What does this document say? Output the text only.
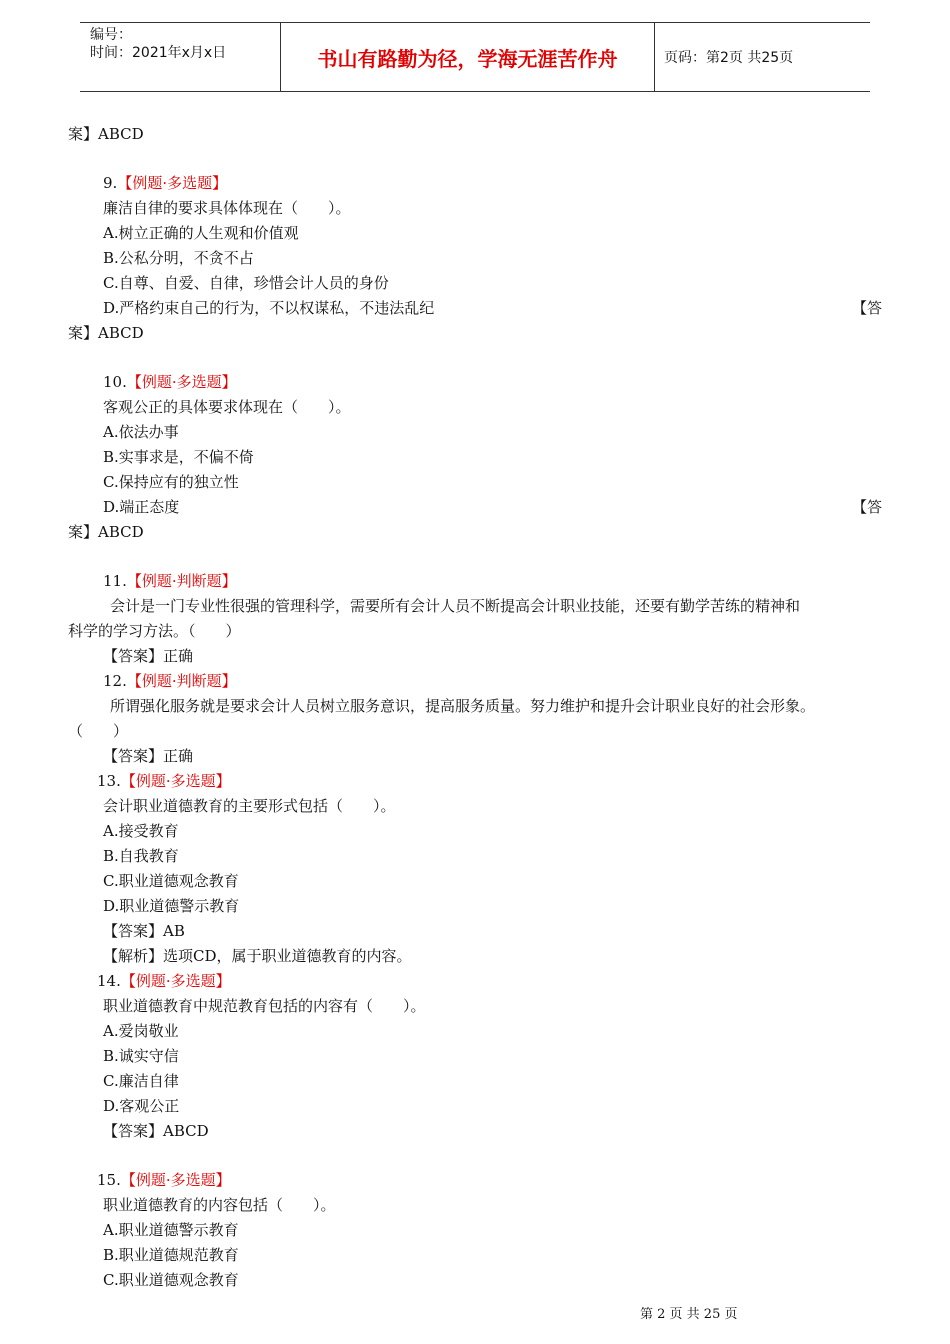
编号：
时间：2021年x月x日	书山有路勤为径，学海无涯苦作舟	页码：第2页 共25页
案】ABCD
9.【例题·多选题】
廉洁自律的要求具体体现在（　　）。
A.树立正确的人生观和价值观
B.公私分明，不贪不占
C.自尊、自爱、自律，珍惜会计人员的身份
D.严格约束自己的行为，不以权谋私，不违法乱纪	【答
案】ABCD
10.【例题·多选题】
客观公正的具体要求体现在（　　）。
A.依法办事
B.实事求是，不偏不倚
C.保持应有的独立性
D.端正态度	【答
案】ABCD
11.【例题·判断题】
会计是一门专业性很强的管理科学，需要所有会计人员不断提高会计职业技能，还要有勤学苦练的精神和
科学的学习方法。（　　）
【答案】正确
12.【例题·判断题】
所谓强化服务就是要求会计人员树立服务意识，提高服务质量。努力维护和提升会计职业良好的社会形象。
（　　）
【答案】正确
13.【例题·多选题】
会计职业道德教育的主要形式包括（　　）。
A.接受教育
B.自我教育
C.职业道德观念教育
D.职业道德警示教育
【答案】AB
【解析】选项CD，属于职业道德教育的内容。
14.【例题·多选题】
职业道德教育中规范教育包括的内容有（　　）。
A.爱岗敬业
B.诚实守信
C.廉洁自律
D.客观公正
【答案】ABCD
15.【例题·多选题】
职业道德教育的内容包括（　　）。
A.职业道德警示教育
B.职业道德规范教育
C.职业道德观念教育
第 2 页 共 25 页
